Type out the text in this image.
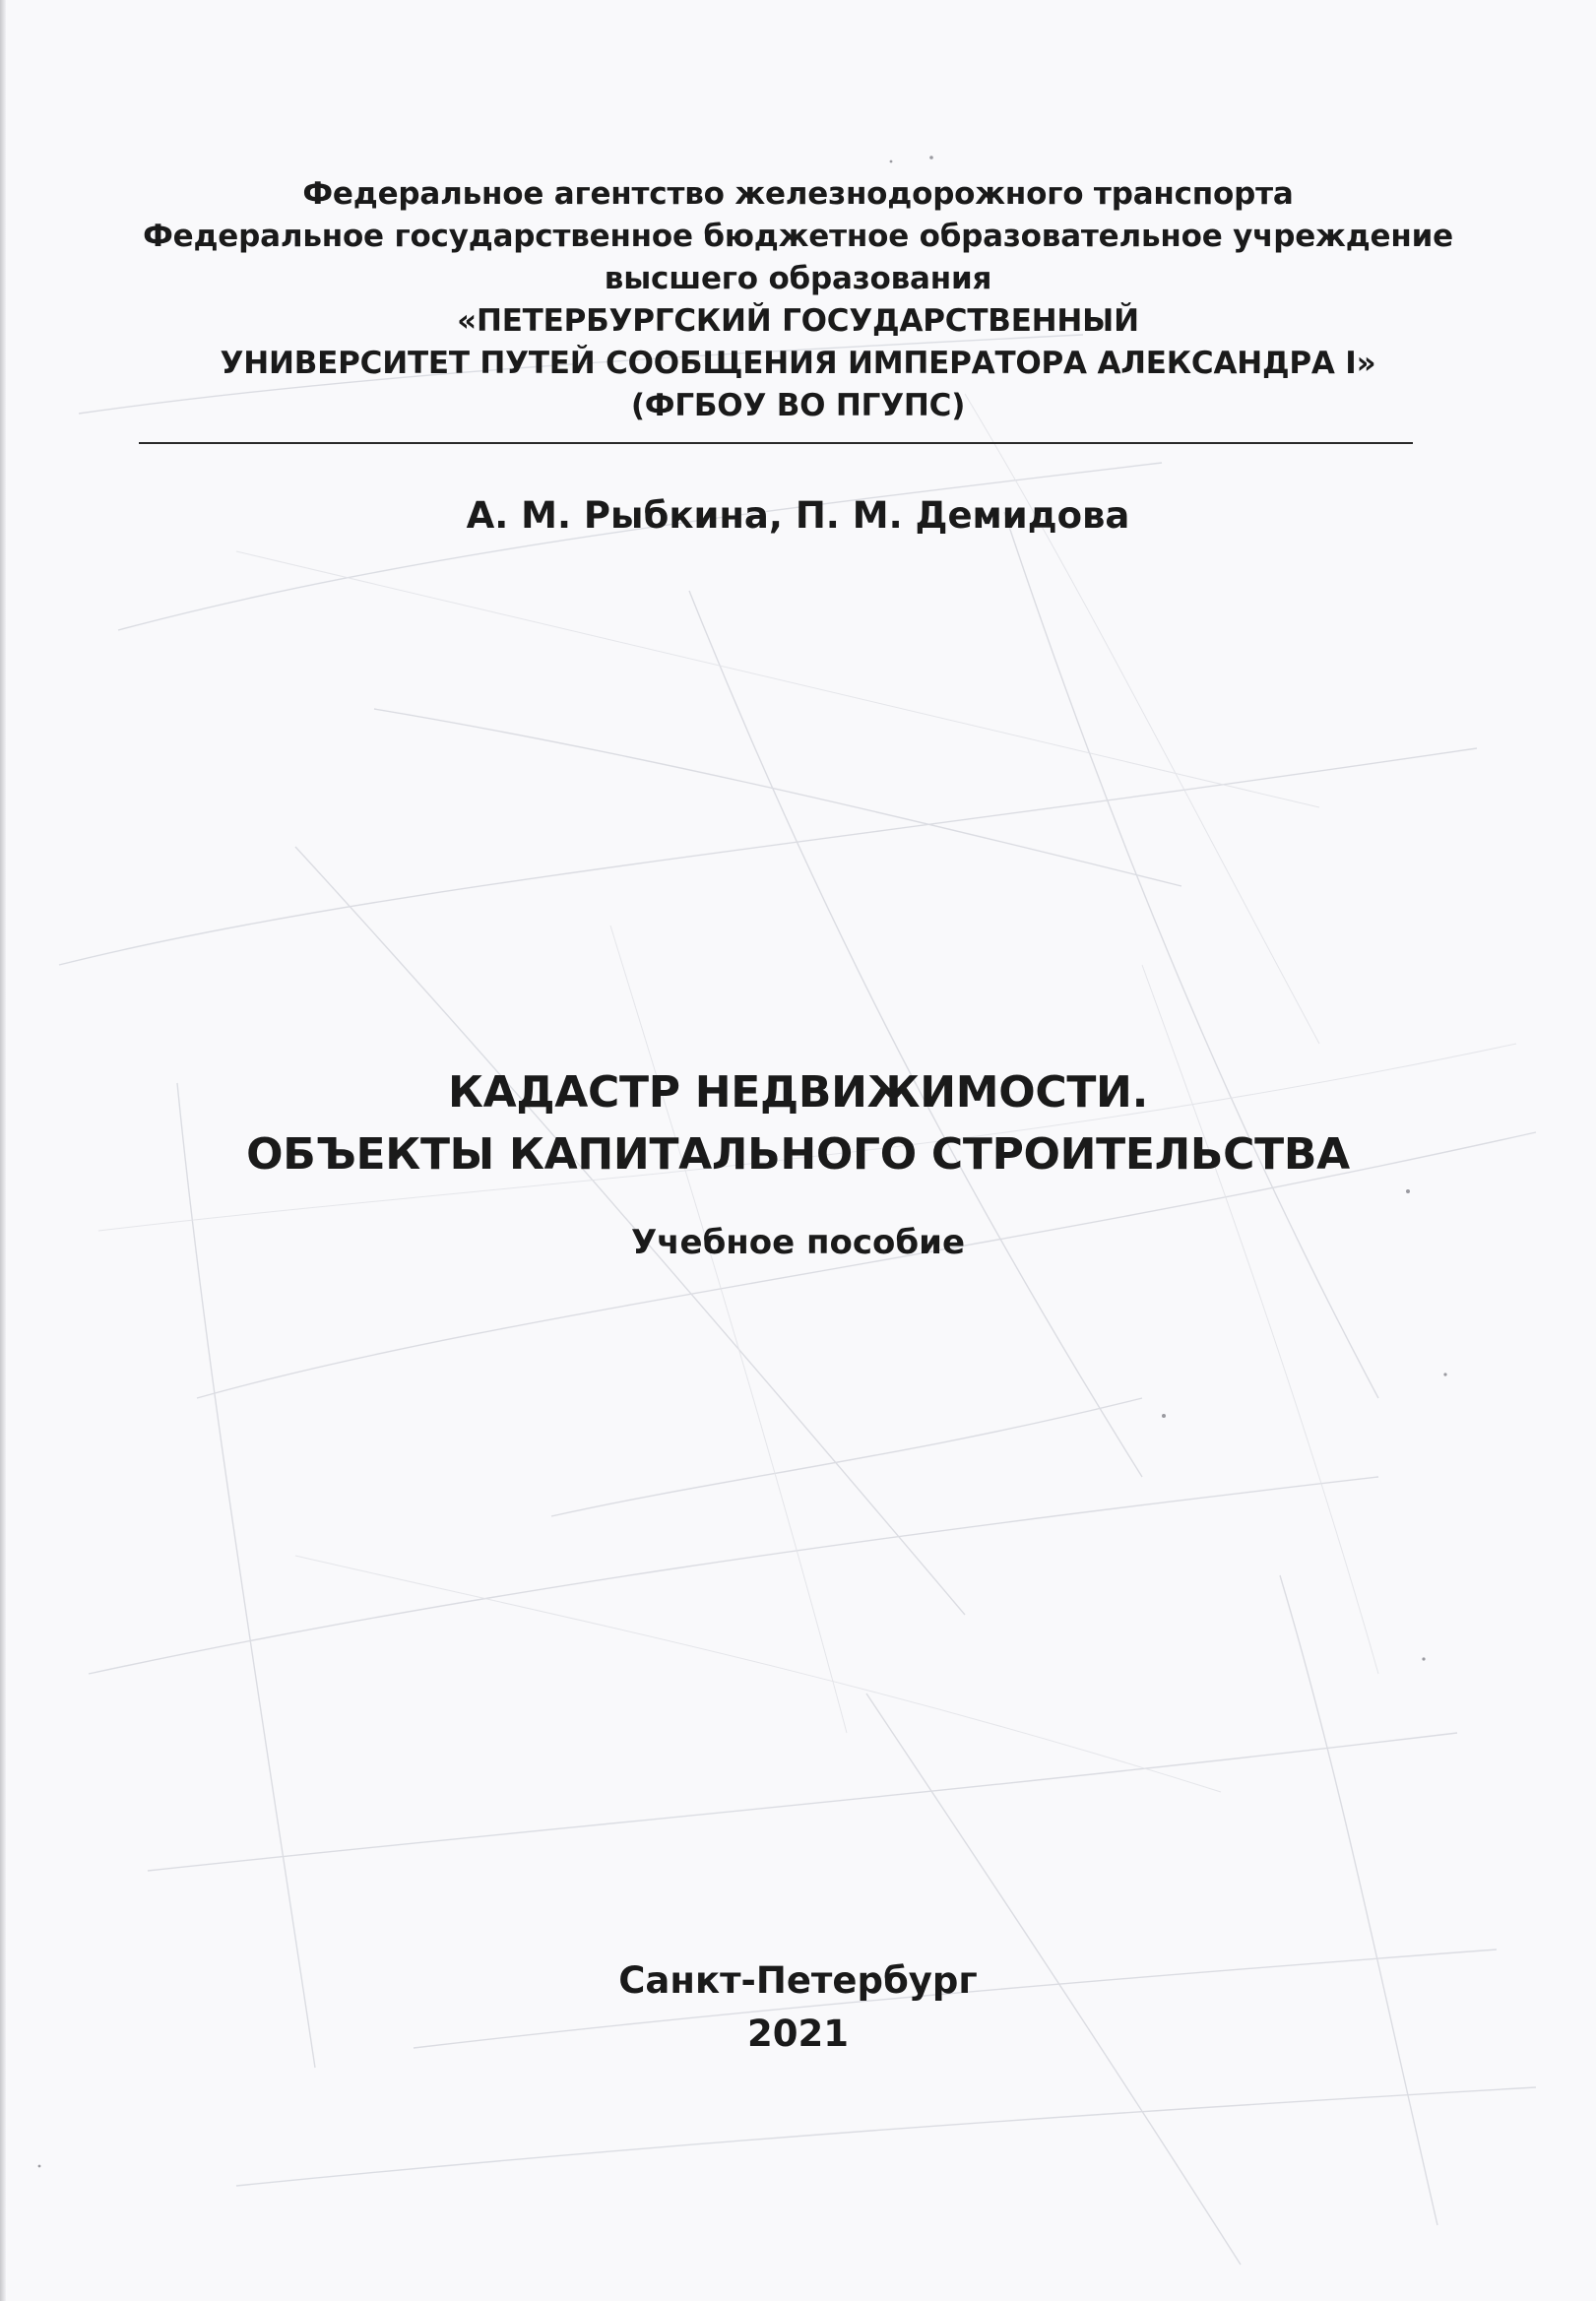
Федеральное агентство железнодорожного транспорта
Федеральное государственное бюджетное образовательное учреждение
высшего образования
«ПЕТЕРБУРГСКИЙ ГОСУДАРСТВЕННЫЙ
УНИВЕРСИТЕТ ПУТЕЙ СООБЩЕНИЯ ИМПЕРАТОРА АЛЕКСАНДРА I»
(ФГБОУ ВО ПГУПС)
А. М. Рыбкина, П. М. Демидова
КАДАСТР НЕДВИЖИМОСТИ.
ОБЪЕКТЫ КАПИТАЛЬНОГО СТРОИТЕЛЬСТВА
Учебное пособие
Санкт-Петербург
2021
